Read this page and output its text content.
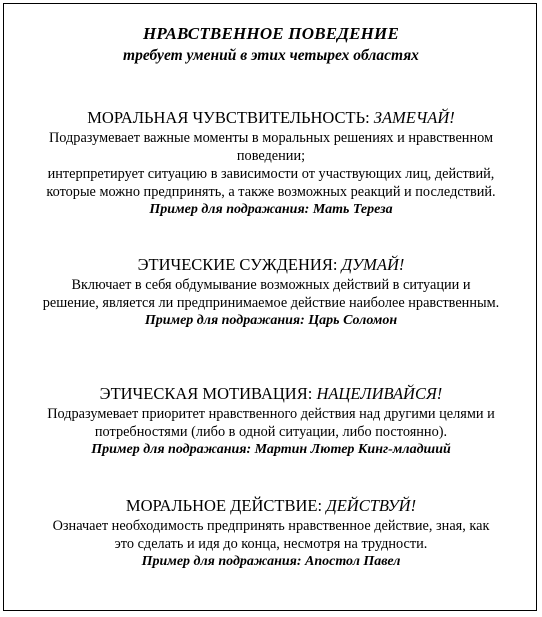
НРАВСТВЕННОЕ ПОВЕДЕНИЕ
требует умений в этих четырех областях
МОРАЛЬНАЯ ЧУВСТВИТЕЛЬНОСТЬ: ЗАМЕЧАЙ!
Подразумевает важные моменты в моральных решениях и нравственном
поведении;
интерпретирует ситуацию в зависимости от участвующих лиц, действий,
которые можно предпринять, а также возможных реакций и последствий.
Пример для подражания: Мать Тереза
ЭТИЧЕСКИЕ СУЖДЕНИЯ: ДУМАЙ!
Включает в себя обдумывание возможных действий в ситуации и
решение, является ли предпринимаемое действие наиболее нравственным.
Пример для подражания: Царь Соломон
ЭТИЧЕСКАЯ МОТИВАЦИЯ: НАЦЕЛИВАЙСЯ!
Подразумевает приоритет нравственного действия над другими целями и
потребностями (либо в одной ситуации, либо постоянно).
Пример для подражания: Мартин Лютер Кинг-младший
МОРАЛЬНОЕ ДЕЙСТВИЕ: ДЕЙСТВУЙ!
Означает необходимость предпринять нравственное действие, зная, как
это сделать и идя до конца, несмотря на трудности.
Пример для подражания: Апостол Павел
